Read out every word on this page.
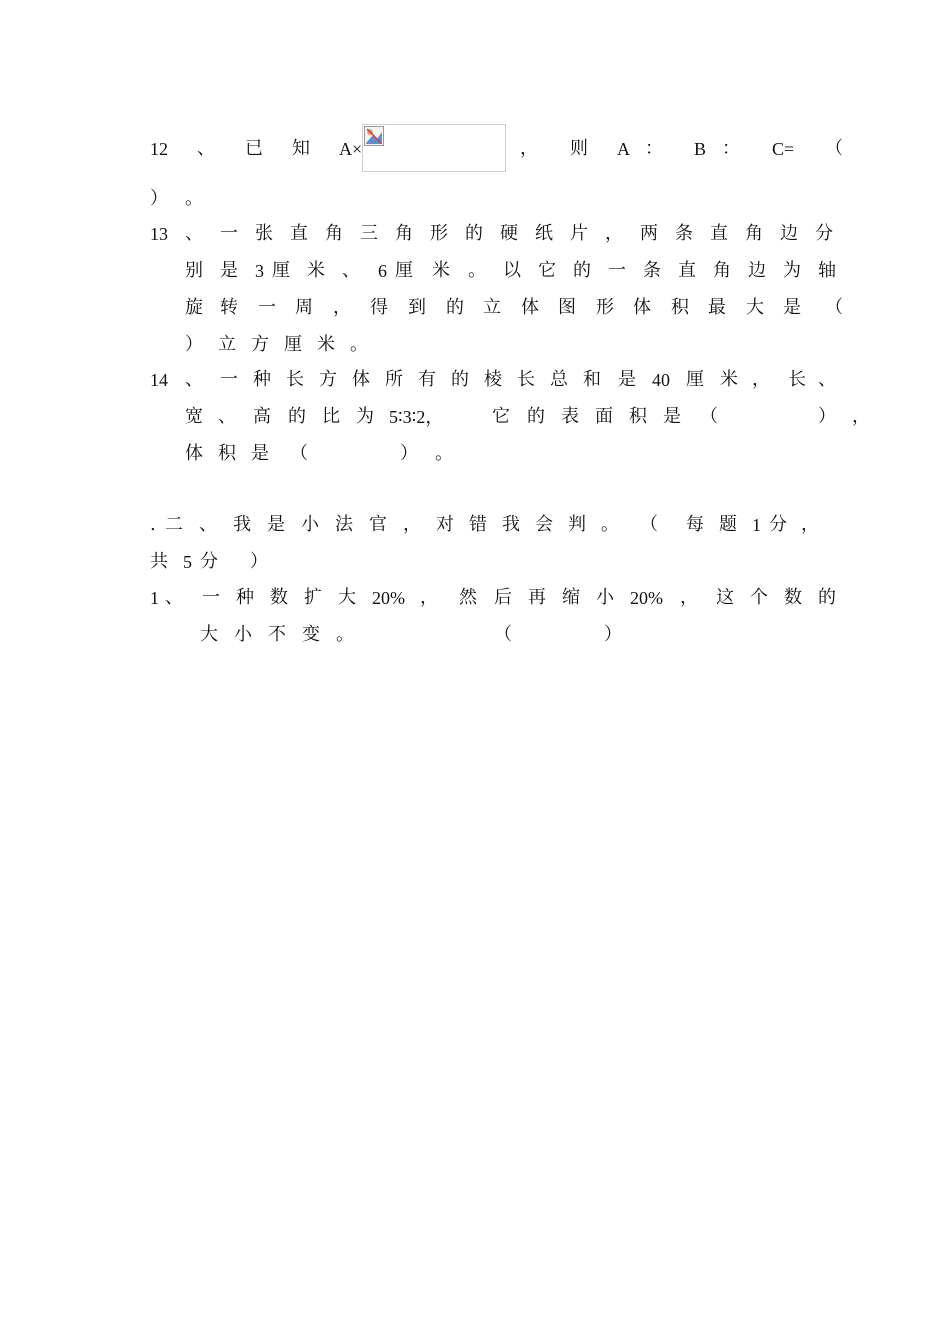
12

、

已

知

A×

	，

则

A

：

B

：

C=

（

）

。

13

、

一

张

直

角

三

角

形

的

硬

纸

片

，

两

条

直

角

边

分

别

是

3

厘

米

、

6

厘

米

。

以

它

的

一

条

直

角

边

为

轴

旋

转

一

周

，

得

到

的

立

体

图

形

体

积

最

大

是

（

）

立

方

厘

米

。

14

、

一

种

长

方

体

所

有

的

棱

长

总

和

是

40

厘

米

，

长

、

宽

、

高

的

比

为

5∶3∶2，

	它

的

表

面

积

是

（

	）

，

体

积

是

（

	）

。

.

二

、

我

是

小

法

官

，

对

错

我

会

判

。

（

每

题

1

分

，

共

5

分

）

1

、

一

种

数

扩

大

20%

，

然

后

再

缩

小

20%

，

这

个

数

的

大

小

不

变

。

	（

	）
